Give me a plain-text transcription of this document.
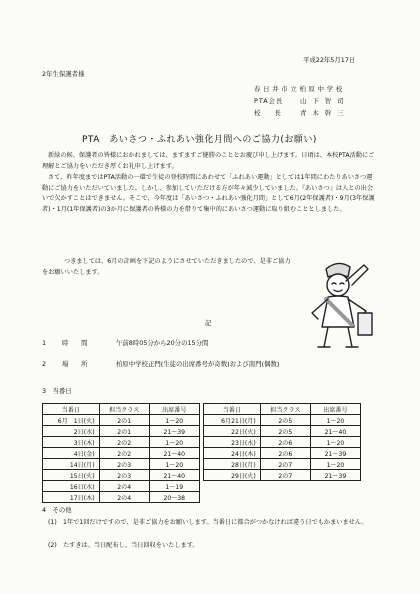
平成22年5月17日
2年生保護者様
春日井市立柏原中学校
PTA会長	山下智司
校長 青木幹三
PTA　あいさつ・ふれあい強化月間へのご協力(お願い)
新緑の候、保護者の皆様におかれましては、ますますご健勝のこととお慶び申し上げます。日頃は、本校PTA活動にご理解とご協力をいただき厚くお礼申し上げます。
さて、昨年度まではPTA活動の一環で生徒の登校時間にあわせて「ふれあい運動」としては1年間にわたりあいさつ運動にご協力をいただいていました。しかし、参加していただける方が年々減少していました。『あいさつ』は人との出会いで欠かすことはできません。そこで、今年度は「あいさつ・ふれあい強化月間」として6月(2年保護者)・9月(3年保護者)・1月(1年保護者)の3か月に保護者の皆様の力を借りて集中的にあいさつ運動に取り組むこととしました。
つきましては、6月の計画を下記のようにさせていただきましたので、是非ご協力をお願いいたします。
記
1 時　　間	午前8時05分から20分の15分間
2 場　　所	柏原中学校正門(生徒の出席番号が奇数)および南門(偶数)
3　当番日
当番日	担当クラス	出席番号		当番日	担当クラス	出席番号
6月　1日(火)	2の1	1～20		6月21日(月)	2の5	1～20
2日(水)	2の1	21～39		22日(火)	2の5	21～40
3日(木)	2の2	1～20		23日(水)	2の6	1～20
4日(金)	2の2	21～40		24日(木)	2の6	21～39
14日(月)	2の3	1～20		28日(月)	2の7	1～20
15日(火)	2の3	21～40		29日(火)	2の7	21～39
16日(水)	2の4	1～19				
17日(木)	2の4	20～38				
4　その他
(1)　1年で1回だけですので、是非ご協力をお願いします。当番日に都合がつかなければ違う日でもかまいません。
(2)　たすきは、当日配布し、当日回収をいたします。
